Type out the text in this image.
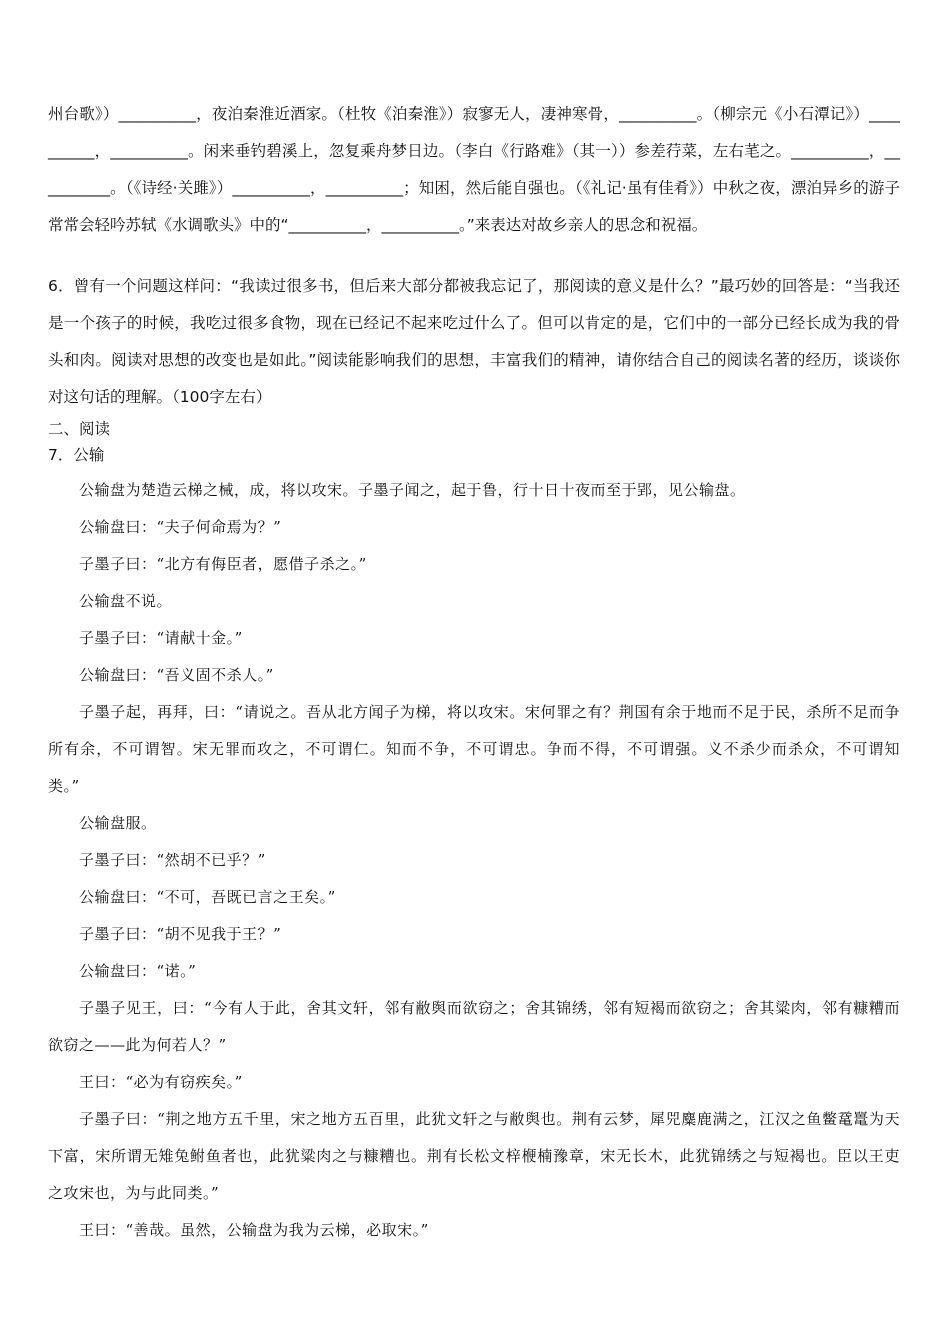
州台歌》）__________，夜泊秦淮近酒家。（杜牧《泊秦淮》）寂寥无人，凄神寒骨，__________。（柳宗元《小石潭记》）__________，__________。闲来垂钓碧溪上，忽复乘舟梦日边。（李白《行路难》（其一））参差荇菜，左右芼之。__________，__________。（《诗经·关雎》）__________，__________；知困，然后能自强也。（《礼记·虽有佳肴》）中秋之夜，漂泊异乡的游子常常会轻吟苏轼《水调歌头》中的“__________，__________。”来表达对故乡亲人的思念和祝福。

6．曾有一个问题这样问：“我读过很多书，但后来大部分都被我忘记了，那阅读的意义是什么？”最巧妙的回答是：“当我还是一个孩子的时候，我吃过很多食物，现在已经记不起来吃过什么了。但可以肯定的是，它们中的一部分已经长成为我的骨头和肉。阅读对思想的改变也是如此。”阅读能影响我们的思想，丰富我们的精神，请你结合自己的阅读名著的经历，谈谈你对这句话的理解。（100字左右）

二、阅读

7．公输

公输盘为楚造云梯之械，成，将以攻宋。子墨子闻之，起于鲁，行十日十夜而至于郢，见公输盘。

公输盘曰：“夫子何命焉为？”

子墨子曰：“北方有侮臣者，愿借子杀之。”

公输盘不说。

子墨子曰：“请献十金。”

公输盘曰：“吾义固不杀人。”

子墨子起，再拜，曰：“请说之。吾从北方闻子为梯，将以攻宋。宋何罪之有？荆国有余于地而不足于民，杀所不足而争所有余，不可谓智。宋无罪而攻之，不可谓仁。知而不争，不可谓忠。争而不得，不可谓强。义不杀少而杀众，不可谓知类。”

公输盘服。

子墨子曰：“然胡不已乎？”

公输盘曰：“不可，吾既已言之王矣。”

子墨子曰：“胡不见我于王？”

公输盘曰：“诺。”

子墨子见王，曰：“今有人于此，舍其文轩，邻有敝舆而欲窃之；舍其锦绣，邻有短褐而欲窃之；舍其粱肉，邻有糠糟而欲窃之——此为何若人？”

王曰：“必为有窃疾矣。”

子墨子曰：“荆之地方五千里，宋之地方五百里，此犹文轩之与敝舆也。荆有云梦，犀兕麋鹿满之，江汉之鱼鳖鼋鼍为天下富，宋所谓无雉兔鲋鱼者也，此犹粱肉之与糠糟也。荆有长松文梓楩楠豫章，宋无长木，此犹锦绣之与短褐也。臣以王吏之攻宋也，为与此同类。”

王曰：“善哉。虽然，公输盘为我为云梯，必取宋。”
